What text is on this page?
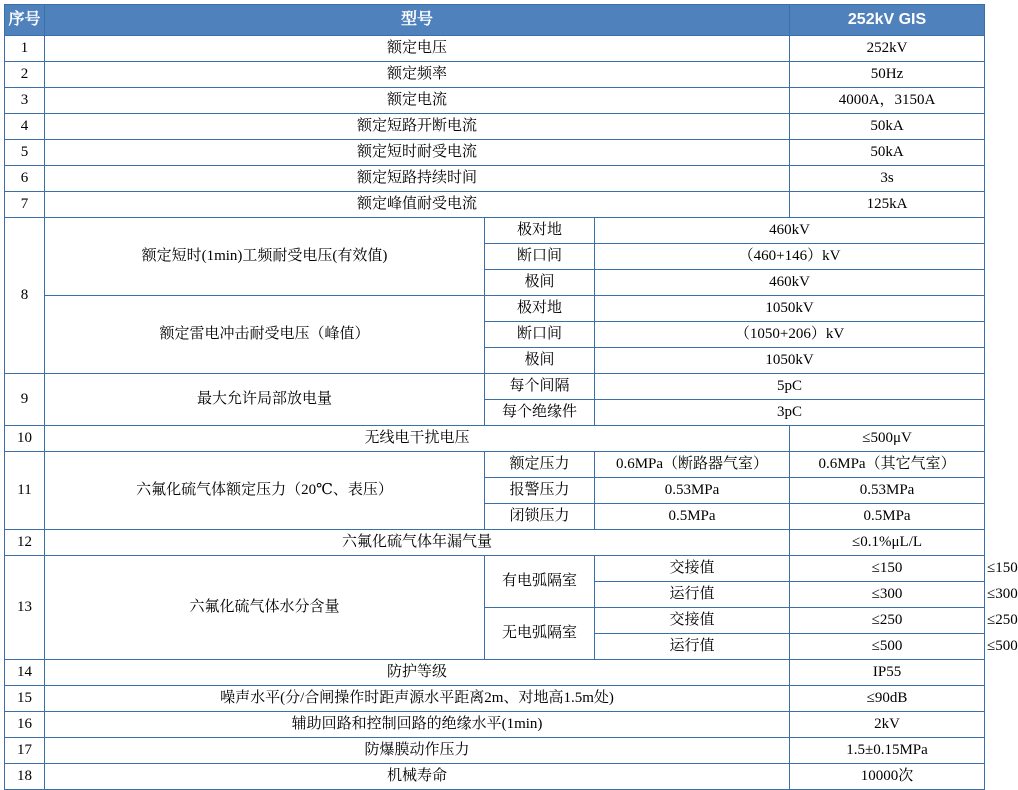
序号	型号			252kV GIS	
1	额定电压			252kV	
2	额定频率			50Hz	
3	额定电流			4000A，3150A	
4	额定短路开断电流			50kA	
5	额定短时耐受电流			50kA	
6	额定短路持续时间			3s	
7	额定峰值耐受电流			125kA	
8	额定短时(1min)工频耐受电压(有效值)	极对地	460kV		
		断口间	（460+146）kV		
		极间	460kV		
	额定雷电冲击耐受电压（峰值）	极对地	1050kV		
		断口间	（1050+206）kV		
		极间	1050kV		
9	最大允许局部放电量	每个间隔	5pC		
		每个绝缘件	3pC		
10	无线电干扰电压			≤500μV	
11	六氟化硫气体额定压力（20℃、表压）	额定压力	0.6MPa（断路器气室）	0.6MPa（其它气室）	
		报警压力	0.53MPa	0.53MPa	
		闭锁压力	0.5MPa	0.5MPa	
12	六氟化硫气体年漏气量			≤0.1%μL/L	
13	六氟化硫气体水分含量	有电弧隔室	交接值	≤150	≤150
			运行值	≤300	≤300
		无电弧隔室	交接值	≤250	≤250
			运行值	≤500	≤500
14	防护等级			IP55	
15	噪声水平(分/合闸操作时距声源水平距离2m、对地高1.5m处)			≤90dB	
16	辅助回路和控制回路的绝缘水平(1min)			2kV	
17	防爆膜动作压力			1.5±0.15MPa	
18	机械寿命			10000次	
